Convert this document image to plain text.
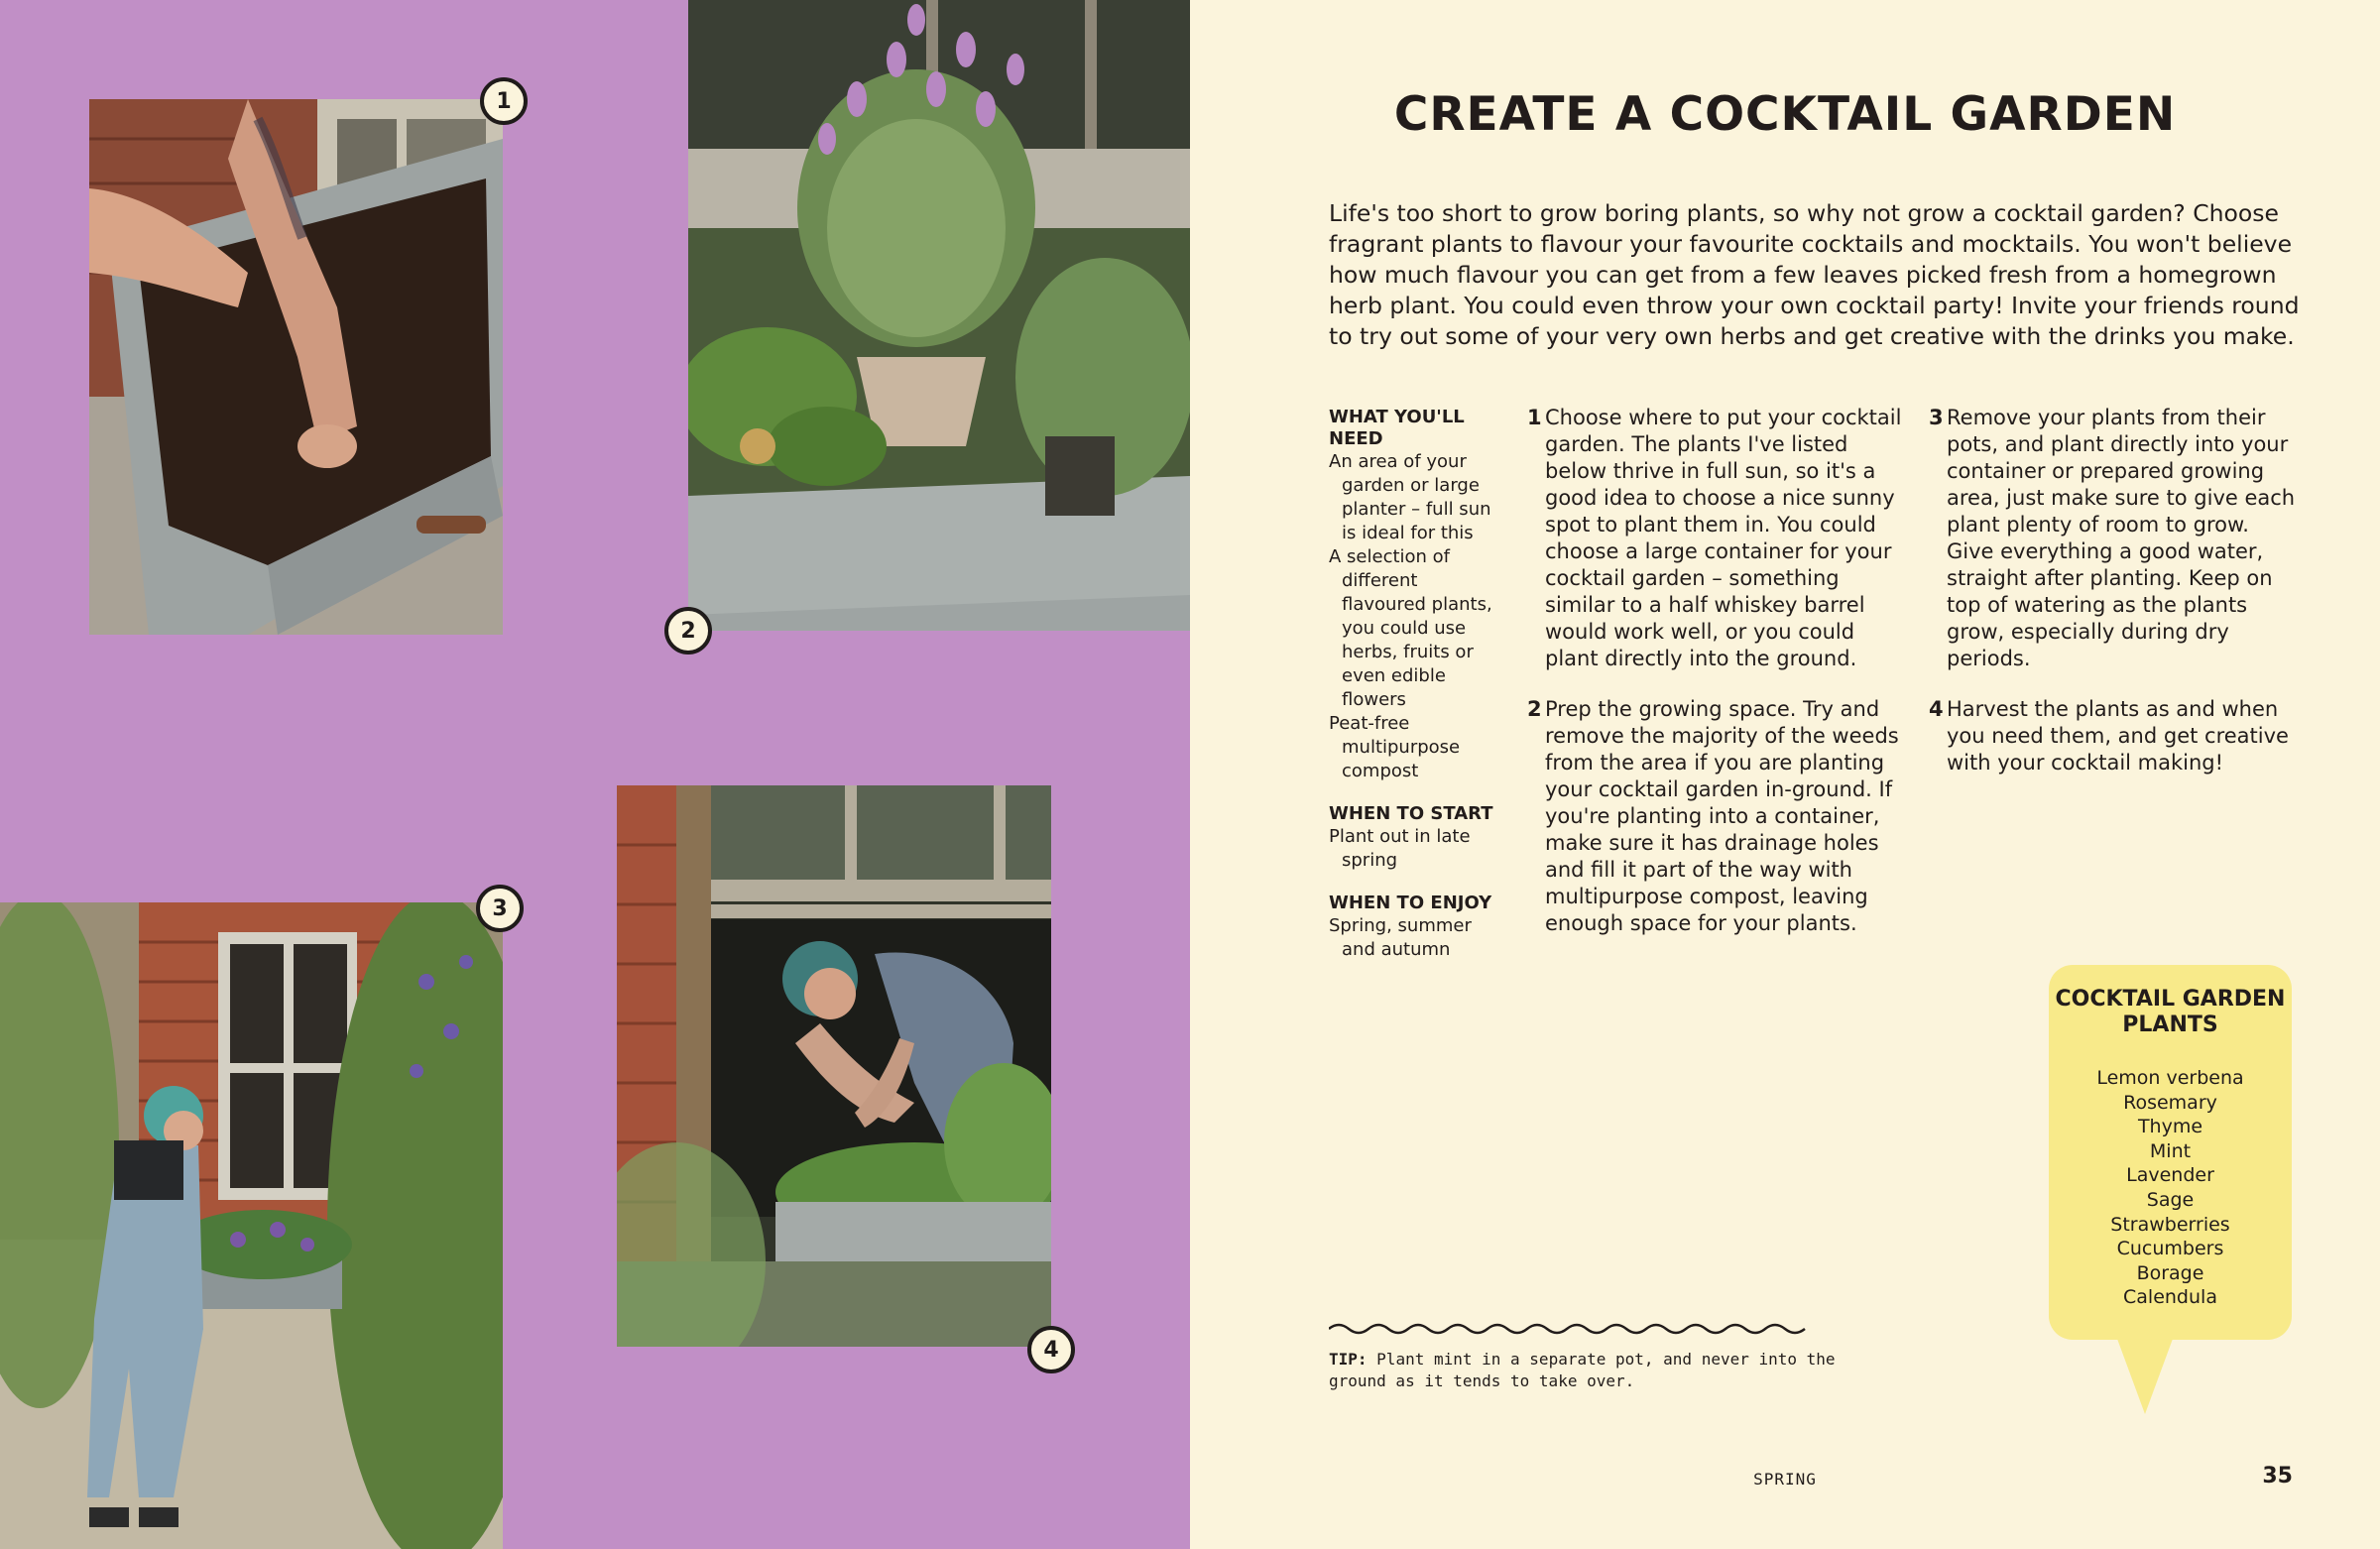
1
2
3
4
CREATE A COCKTAIL GARDEN

Life's too short to grow boring plants, so why not grow a cocktail garden? Choose fragrant plants to flavour your favourite cocktails and mocktails. You won't believe how much flavour you can get from a few leaves picked fresh from a homegrown herb plant. You could even throw your own cocktail party! Invite your friends round to try out some of your very own herbs and get creative with the drinks you make.

WHAT YOU'LL NEED

An area of your garden or large planter – full sun is ideal for this

A selection of different flavoured plants, you could use herbs, fruits or even edible flowers

Peat-free multipurpose compost

WHEN TO START

Plant out in late spring

WHEN TO ENJOY

Spring, summer and autumn

1 Choose where to put your cocktail garden. The plants I've listed below thrive in full sun, so it's a good idea to choose a nice sunny spot to plant them in. You could choose a large container for your cocktail garden – something similar to a half whiskey barrel would work well, or you could plant directly into the ground.
2 Prep the growing space. Try and remove the majority of the weeds from the area if you are planting your cocktail garden in-ground. If you're planting into a container, make sure it has drainage holes and fill it part of the way with multipurpose compost, leaving enough space for your plants.
3 Remove your plants from their pots, and plant directly into your container or prepared growing area, just make sure to give each plant plenty of room to grow. Give everything a good water, straight after planting. Keep on top of watering as the plants grow, especially during dry periods.
4 Harvest the plants as and when you need them, and get creative with your cocktail making!
COCKTAIL GARDEN PLANTS
Lemon verbena
Rosemary
Thyme
Mint
Lavender
Sage
Strawberries
Cucumbers
Borage
Calendula

TIP: Plant mint in a separate pot, and never into the ground as it tends to take over.

SPRING	35
